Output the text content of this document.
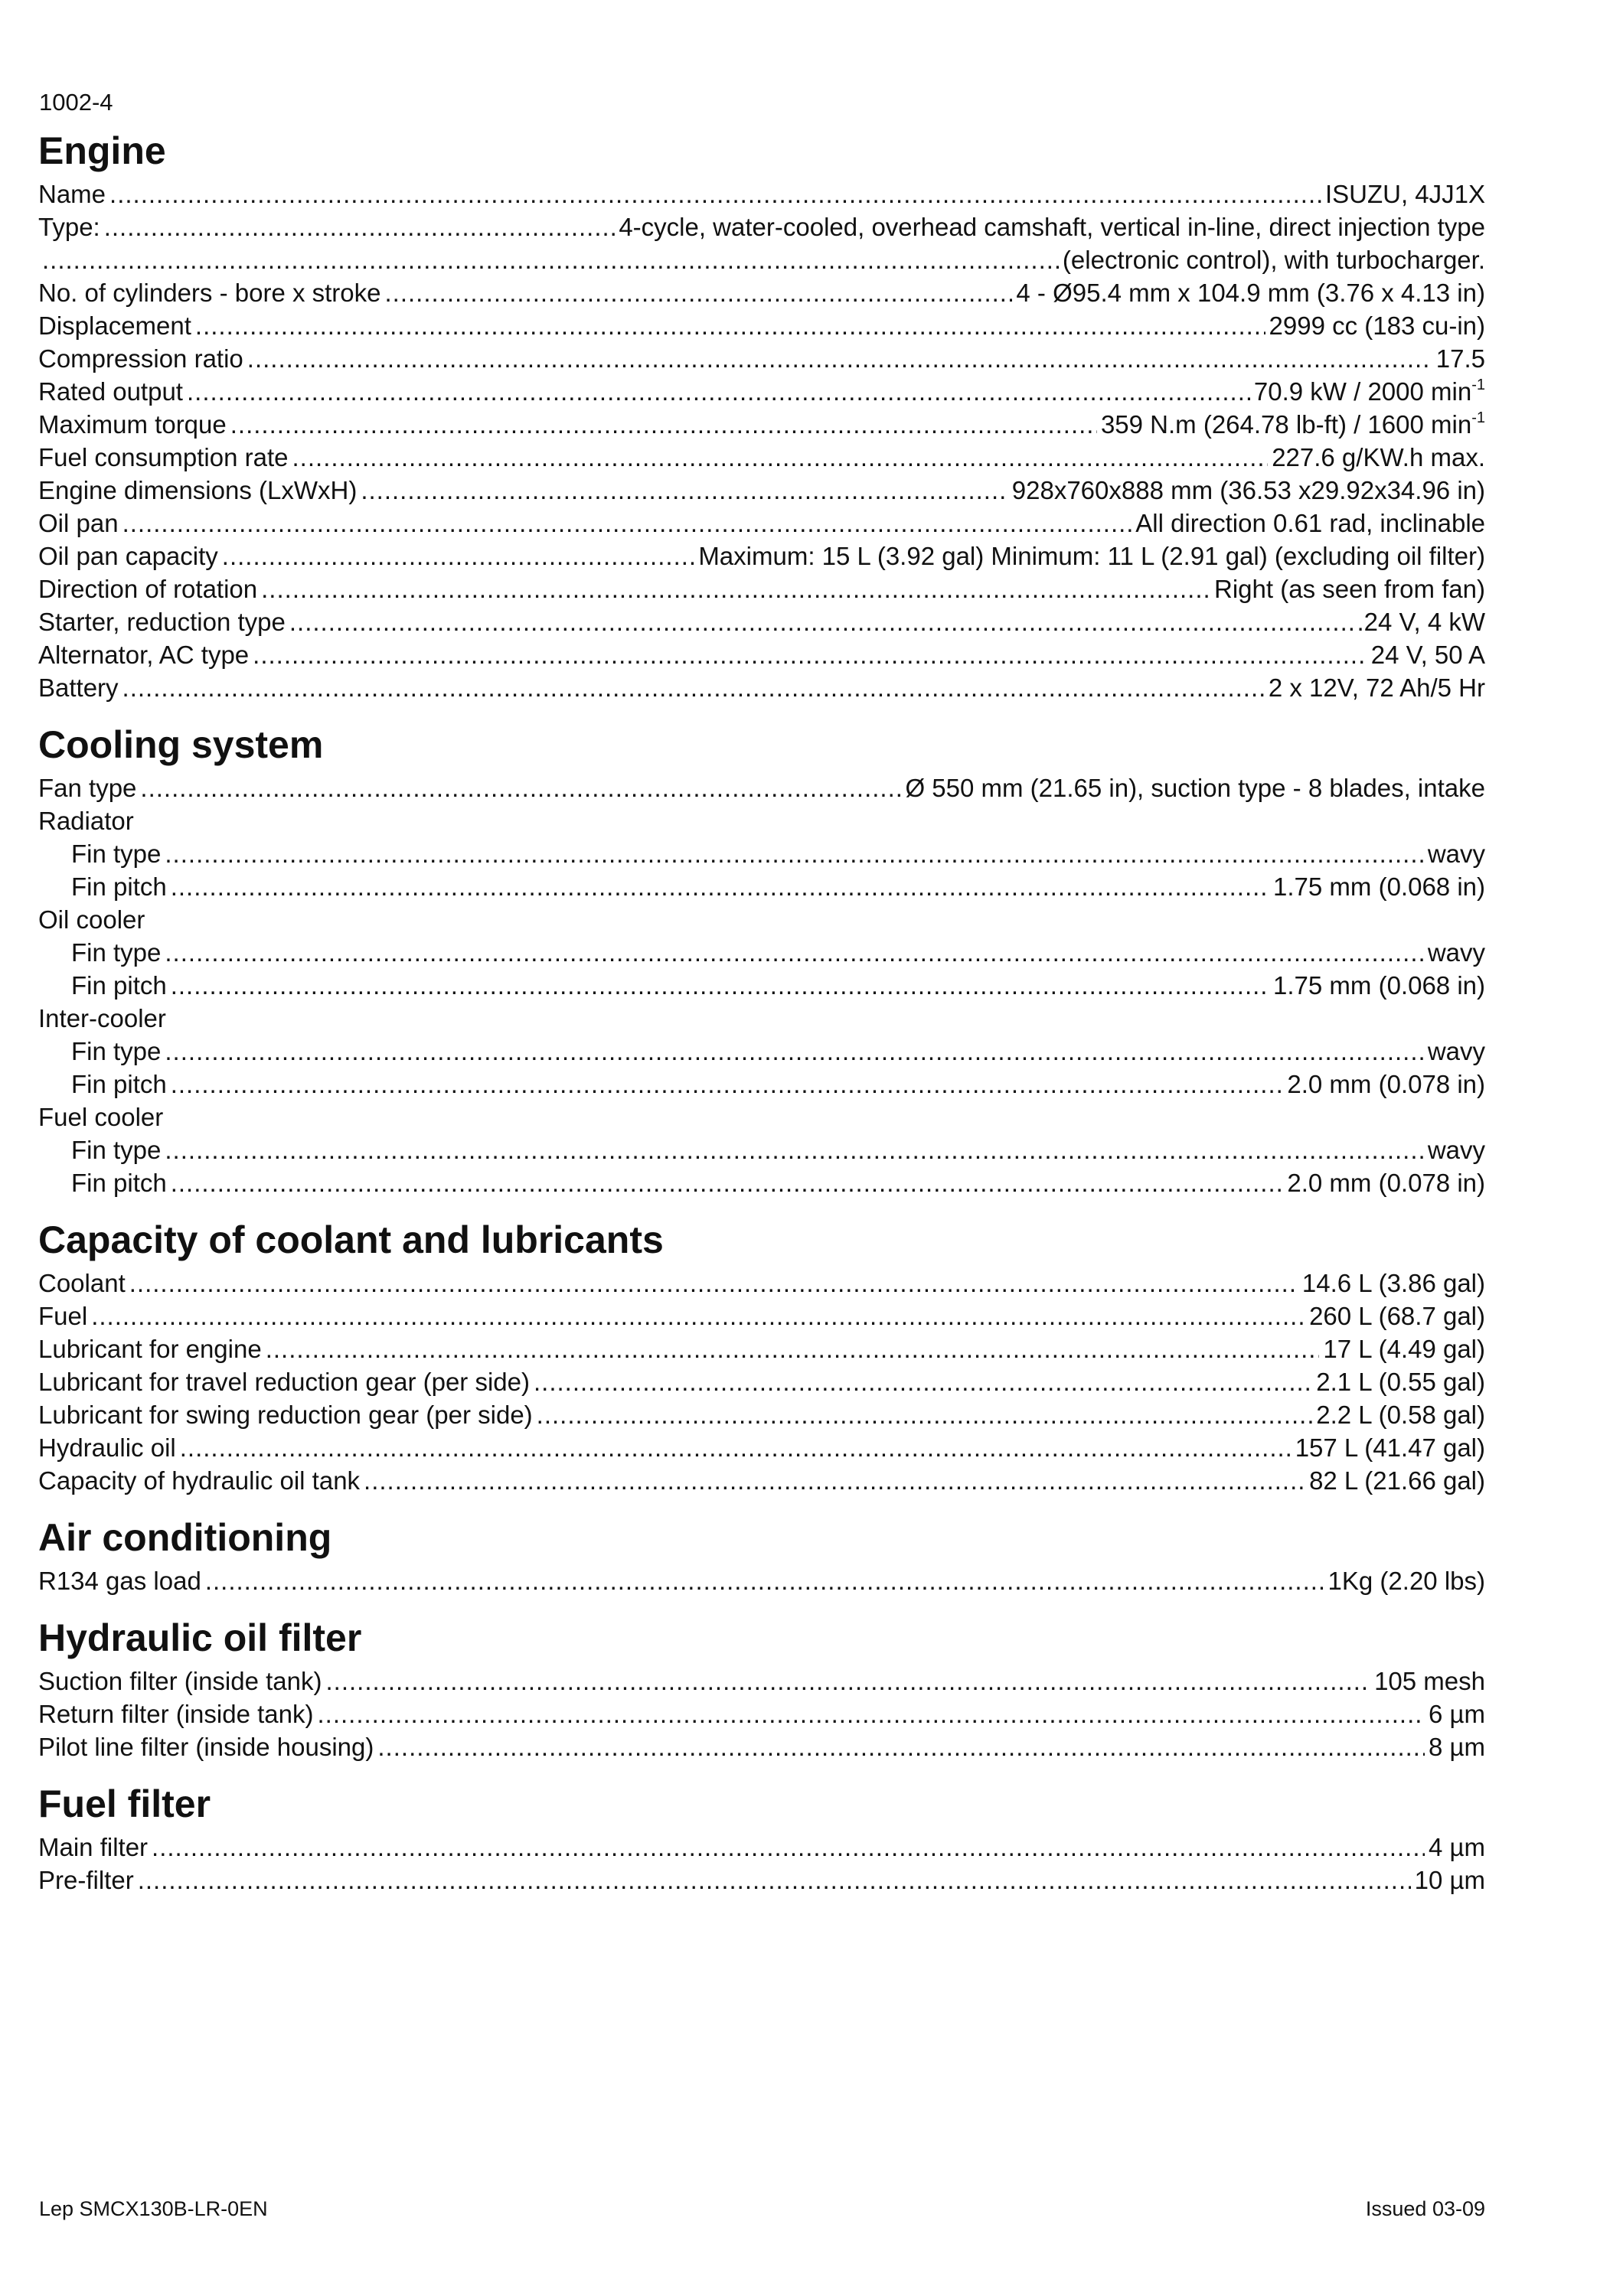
1002-4
Engine
Name .....	ISUZU, 4JJ1X
Type: .....	4-cycle, water-cooled, overhead camshaft, vertical in-line, direct injection type
.....
(electronic control), with turbocharger.
No. of cylinders - bore x stroke .....	4 - Ø95.4 mm x 104.9 mm (3.76 x 4.13 in)
Displacement .....	2999 cc (183 cu-in)
Compression ratio .....	17.5
Rated output .....	70.9 kW / 2000 $\min^{-1}$
Maximum torque .....	359 N.m (264.78 lb-ft) / 1600 $\min^{-1}$
Fuel consumption rate .....	227.6 g/KW.h max.
Engine dimensions (LxWxH) .....	928x760x888 mm (36.53 x29.92x34.96 in)
Oil pan .....	All direction 0.61 rad, inclinable
Oil pan capacity .....	Maximum: 15 L (3.92 gal) Minimum: 11 L (2.91 gal) (excluding oil filter)
Direction of rotation .....	Right (as seen from fan)
Starter, reduction type .....	.24 V, 4 kW
Alternator, AC type .....	24 V, 50 A
Battery .....	2 x 12V, 72 Ah/5 Hr
Cooling system
Fan type .....	Ø 550 mm (21.65 in), suction type - 8 blades, intake
Radiator
Fin type .....	wavy
Fin pitch .....	1.75 mm (0.068 in)
Oil cooler
Fin type .....	wavy
Fin pitch .....	1.75 mm (0.068 in)
Inter-cooler
Fin type .....	wavy
Fin pitch .....	2.0 mm (0.078 in)
Fuel cooler
Fin type .....	wavy
Fin pitch .....	2.0 mm (0.078 in)
Capacity of coolant and lubricants
Coolant .....	14.6 L (3.86 gal)
Fuel .....	260 L (68.7 gal)
Lubricant for engine .....	17 L (4.49 gal)
Lubricant for travel reduction gear (per side) .....	2.1 L (0.55 gal)
Lubricant for swing reduction gear (per side) .....	2.2 L (0.58 gal)
Hydraulic oil .....	157 L (41.47 gal)
Capacity of hydraulic oil tank .....	82 L (21.66 gal)
Air conditioning
R134 gas load .....	1Kg (2.20 lbs)
Hydraulic oil filter
Suction filter (inside tank) .....	105 mesh
Return filter (inside tank) .....	6 µm
Pilot line filter (inside housing) .....	8 µm
Fuel filter
Main filter .....	4 µm
Pre-filter .....	10 µm
Lep SMCX130B-LR-0EN	Issued 03-09
